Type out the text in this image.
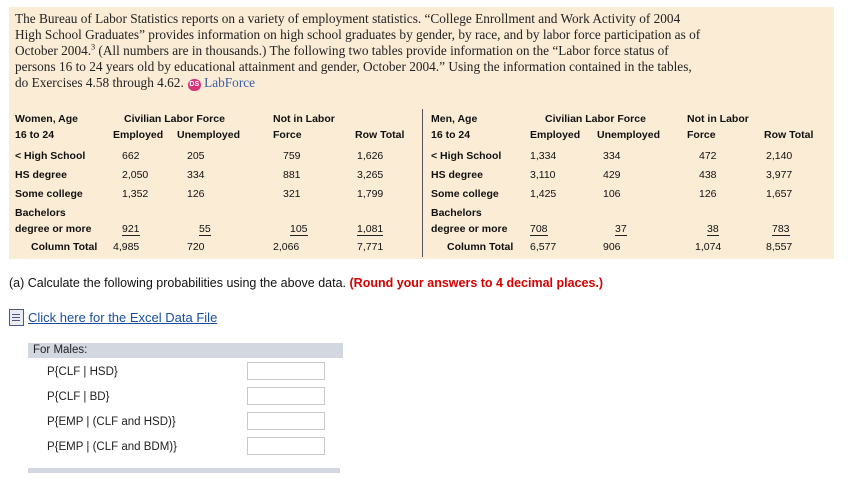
The Bureau of Labor Statistics reports on a variety of employment statistics. “College Enrollment and Work Activity of 2004
High School Graduates” provides information on high school graduates by gender, by race, and by labor force participation as of
October 2004.$^3$ (All numbers are in thousands.) The following two tables provide information on the “Labor force status of
persons 16 to 24 years old by educational attainment and gender, October 2004.” Using the information contained in the tables,
do Exercises 4.58 through 4.62. DS LabForce

Women, Age
16 to 24
Civilian Labor Force
Employed Unemployed
Not in Labor
Force	Row Total
< High School	662	205	759	1,626
HS degree	2,050	334	881	3,265
Some college	1,352	126	321	1,799
Bachelors
degree or more	921	55	105	1,081
Column Total 4,985	720	2,066	7,771
Men, Age
16 to 24
Civilian Labor Force
Employed Unemployed
Not in Labor
Force	Row Total
< High School	1,334	334	472	2,140
HS degree	3,110	429	438	3,977
Some college	1,425	106	126	1,657
Bachelors
degree or more 708	37	38	783
Column Total 6,577	906	1,074	8,557
(a) Calculate the following probabilities using the above data. (Round your answers to 4 decimal places.)
Click here for the Excel Data File
For Males:
P{CLF | HSD}
P{CLF | BD}
P{EMP | (CLF and HSD)}
P{EMP | (CLF and BDM)}
